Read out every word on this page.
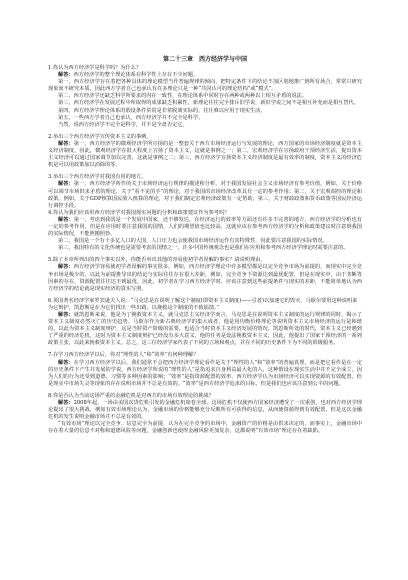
第二十三章　西方经济学与中国

1.你认为西方经济学是科学吗？为什么？

解答：西方经济学的整个理论体系在科学性上存在不少问题。

第一，西方经济学存在着把各种具体的理论模型当作普遍规律的倾向，把特定条件下的结论不加区别地推广到所有场合，常常只研究现象而不研究本质，因此西方学者自己也承认有许多理论只是一种“共同认可的理论结构”或“模式”。

第二，西方经济学还缺乏科学所要求的内在一致性，在理论体系中同时存在两种或两种以上相互矛盾的说法。

第三，西方经济学在发展过程中所取得的成果缺乏积累性，新理论往往完全排斥旧学说，新旧学说之间不是相互补充而是相互替代。

第四，西方经济学理论体系的假设条件常常是非常脱离实际的，往往难以应用于现实生活。

第五，一些西方学者自己也承认，西方经济学并不完全是科学。

当然，说西方经济学不完全是科学，并不是全盘否定它。

2.举出三个西方经济学宣传资本主义的事例。

解答：第一，西方经济学的微观经济学所宣扬的是一整套关于西方市场经济运行与发展的理论，西方国家的市场经济制度就是资本主义经济制度，因此，微观经济学在很大程度上宣扬了资本主义，这就是事例之一；第二，宏观经济学在宣扬政府干预经济生活，提出资本主义经济可以通过国家调节加以完善，这就是事例之二；第三，西方经济学宣扬资本主义经济制度是最有效率的制度，资本主义的经济危机是可以用政策加以消除的等。

3.举出三个西方经济学对我国有用的地方。

解答：第一，西方经济学所作的关于市场经济运行规律的描述和分析，对于我国发展社会主义市场经济有参考价值，例如，关于价格可以调节市场供求矛盾的理论，关于“看不见的手”的理论，对于我国的市场经济改革具有一定的参考作用；第二，关于宏观调控的理论和政策。例如，关于GDP核算国民收入核算的理论，对于我们制定宏观经济政策有一定帮助；第三，关于财政政策和货币政策等国民经济运行调控手段。

4.你认为我们应该用西方经济学对我国现实问题的分析和政策建议作为参考吗？

解答：第一，考虑到我国是一个发展中国家，还不够发达，在经济运行的效率等方面还有许多不完善的地方，西方经济学的分析也有一定的参考作用，但是在应用时要注意我国的国情，人们的期望值也比较高，这就应该在参考西方经济学的分析和政策建议时注意到我国的实际情况，不能照搬照抄。

第二，我国是一个有十多亿人口的大国，人口压力也会使我国市场经济运作有其特殊性，因此要注意我国的实际情况。

第三，我国特有的文化传统也是需要考虑的国情之一，许多中国传统观念也是我们在应用和参考西方经济学理论时需要注意的。

5.除了本章所列出的四个事实以外，你能否举出其他的容易使初学者误解的事实？请说明理由。

解答：西方经济学容易使初学者误解的事实很多。例如，西方经济学理论中许多模型都是以完全竞争市场为前提的，而现实中完全竞争市场是极少的，以此为前提推导出的结论与实际往往存在很大差距，例如，完全竞争下资源达到最优配置，但是在现实中，由于垄断等因素的存在，资源配置往往达不到最优。因此，初学者在学习西方经济学时，应该注意到这些前提条件与现实的差距，不能简单地认为西方经济学的结论就是现实经济的真实写照。

6.英国著名经济学家罗宾逊夫人说：“马克思是在说明了解这个制度(即资本主义制度)——引者)以加速它的毁灭，马歇尔要用这种说明来为它辩护，凯恩斯是在为它们找出一些出路，以挽救这个制度的不致崩溃。”

解答：就凯恩斯来说，他是为了挽救资本主义，就马克思主义经济学而言，马克思是在说明资本主义制度的运行规律的同时，揭示了资本主义制度必然灭亡的历史趋势。马歇尔作为新古典经济学的集大成者，他是用均衡价格理论等说明资本主义市场经济的运行是和谐的，以此为资本主义制度辩护，这是当时资产阶级的需要，也适合当时资本主义经济发展的情况。凯恩斯所处的时代，资本主义已经遇到了严重的经济危机，这时为资本主义制度辩护已经没有多大意义，他的任务是设法挽救资本主义，因此，他提出了国家干预经济的一系列政策主张，以此来挽救资本主义。总之，这三位经济学家代表了不同的立场和观点，并在不同的历史条件下为不同的阶级服务。

7.在学习西方经济学以后，你对“理性的人”和“效率”有何种理解？

解答：在学习西方经济学以后，我们通常不会把西方经济学理论看作是关于“理性的人”和“效率”的普遍真理，而是把它看作是在一定的历史条件下产生并发展的学说。西方经济学所说的“理性的人”是指追求自身利益最大化的人，这种假设在现实生活中并不完全成立，因为人们的行为还受到道德、习惯等多种因素的影响；“效率”是指资源配置的效率，西方经济学认为市场经济可以实现资源的有效配置，但是现实中市场失灵等现象的存在说明市场并不总是有效的。“效率”是西方经济学追求的目标，但是我们也应该注意到公平的问题。

8.你是否认为当前这场严重的金融危机是对西方的市场有效理论的挑战？

解答：2008年起，一场由美国次贷危机引发的金融危机席卷全球，这场危机不仅使西方国家经济遭受了一次重创，也对西方经济学理论提出了很大挑战，例如有效市场理论认为，金融市场的价格能够充分反映所有可获得的信息，从而使资源得到有效配置，但是这次金融危机的发生说明金融市场并不总是有效的。

“有效市场”理论以完全竞争、信息完全为前提，认为在完全竞争的市场中，金融资产的价格是由供求决定的，而事实上，金融市场中存在着大量的信息不对称和道德风险等问题，金融创新也使得金融风险更加复杂，这都说明“有效市场”理论存在着缺陷。
